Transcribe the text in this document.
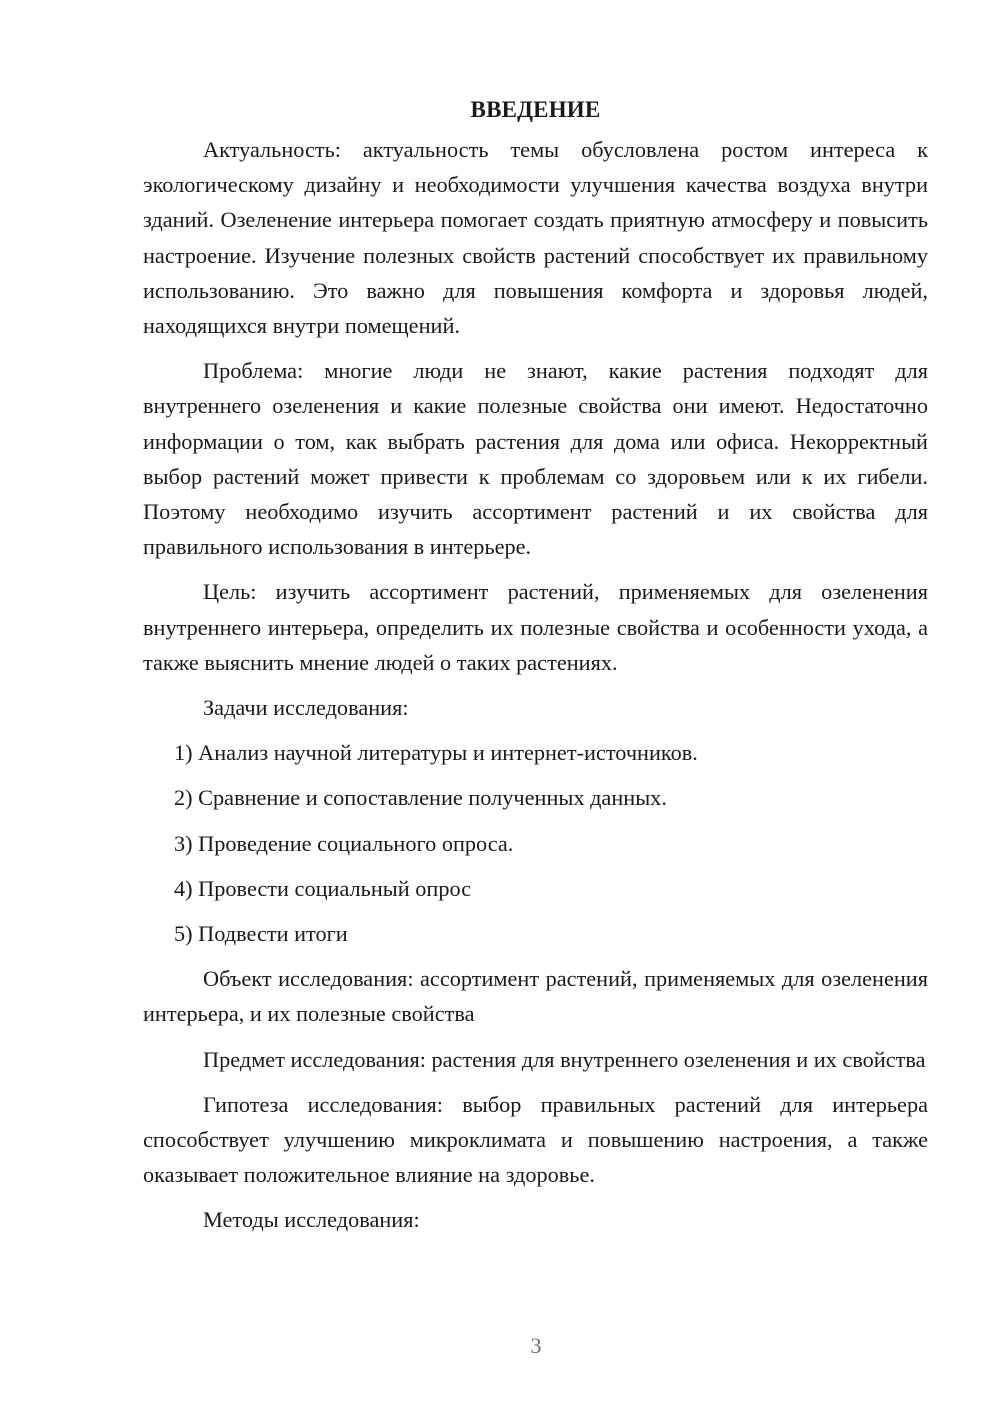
ВВЕДЕНИЕ

Актуальность: актуальность темы обусловлена ростом интереса к экологическому дизайну и необходимости улучшения качества воздуха внутри зданий. Озеленение интерьера помогает создать приятную атмосферу и повысить настроение. Изучение полезных свойств растений способствует их правильному использованию. Это важно для повышения комфорта и здоровья людей, находящихся внутри помещений.

Проблема: многие люди не знают, какие растения подходят для внутреннего озеленения и какие полезные свойства они имеют. Недостаточно информации о том, как выбрать растения для дома или офиса. Некорректный выбор растений может привести к проблемам со здоровьем или к их гибели. Поэтому необходимо изучить ассортимент растений и их свойства для правильного использования в интерьере.

Цель: изучить ассортимент растений, применяемых для озеленения внутреннего интерьера, определить их полезные свойства и особенности ухода, а также выяснить мнение людей о таких растениях.

Задачи исследования:

1) Анализ научной литературы и интернет-источников.

2) Сравнение и сопоставление полученных данных.

3) Проведение социального опроса.

4) Провести социальный опрос

5) Подвести итоги

Объект исследования: ассортимент растений, применяемых для озеленения интерьера, и их полезные свойства

Предмет исследования: растения для внутреннего озеленения и их свойства

Гипотеза исследования: выбор правильных растений для интерьера способствует улучшению микроклимата и повышению настроения, а также оказывает положительное влияние на здоровье.

Методы исследования:

3
